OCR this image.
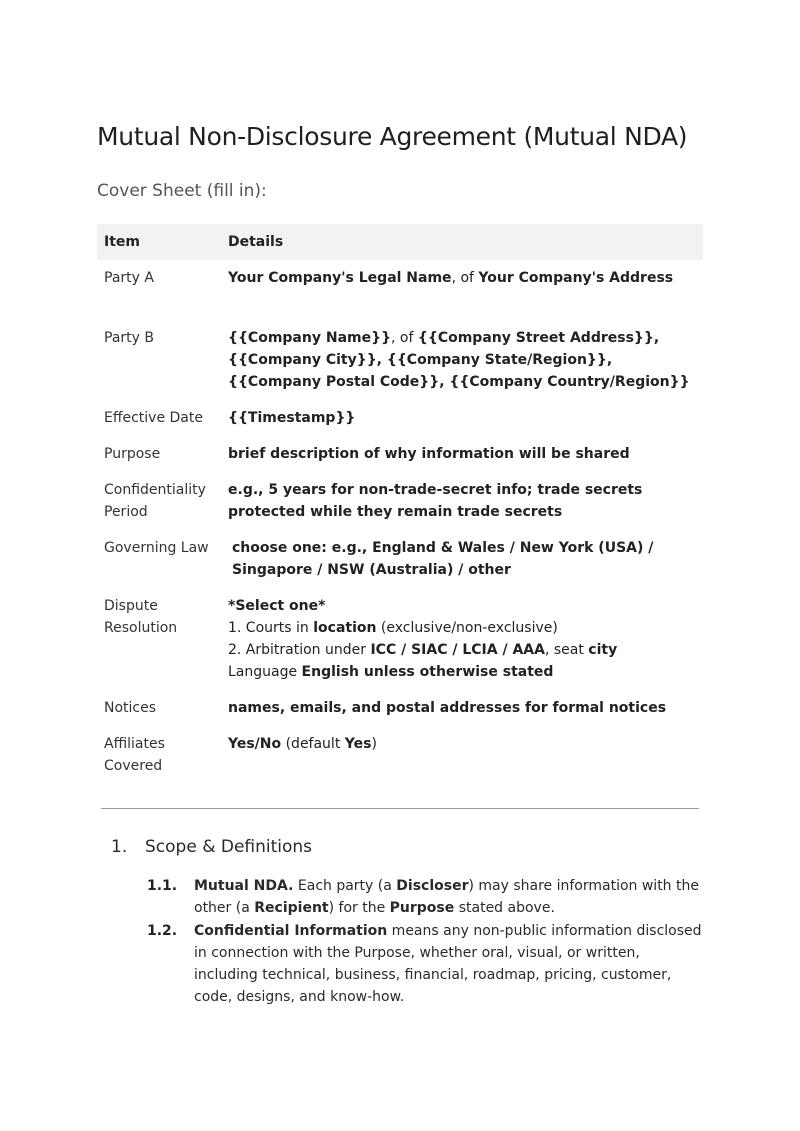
Mutual Non-Disclosure Agreement (Mutual NDA)
Cover Sheet (fill in):
Item	Details
Party A	Your Company's Legal Name, of Your Company's Address
Party B	{{Company Name}}, of {{Company Street Address}}, {{Company City}}, {{Company State/Region}}, {{Company Postal Code}}, {{Company Country/Region}}
Effective Date	{{Timestamp}}
Purpose	brief description of why information will be shared
Confidentiality Period	e.g., 5 years for non-trade-secret info; trade secrets protected while they remain trade secrets
Governing Law	choose one: e.g., England & Wales / New York (USA) / Singapore / NSW (Australia) / other
Dispute Resolution	*Select one*
1. Courts in location (exclusive/non-exclusive)
2. Arbitration under ICC / SIAC / LCIA / AAA, seat city
Language English unless otherwise stated

Notices	names, emails, and postal addresses for formal notices
Affiliates Covered	Yes/No (default Yes)
1. Scope & Definitions
1.1.	Mutual NDA. Each party (a Discloser) may share information with the other (a Recipient) for the Purpose stated above.
1.2.	Confidential Information means any non-public information disclosed in connection with the Purpose, whether oral, visual, or written, including technical, business, financial, roadmap, pricing, customer, code, designs, and know-how.
